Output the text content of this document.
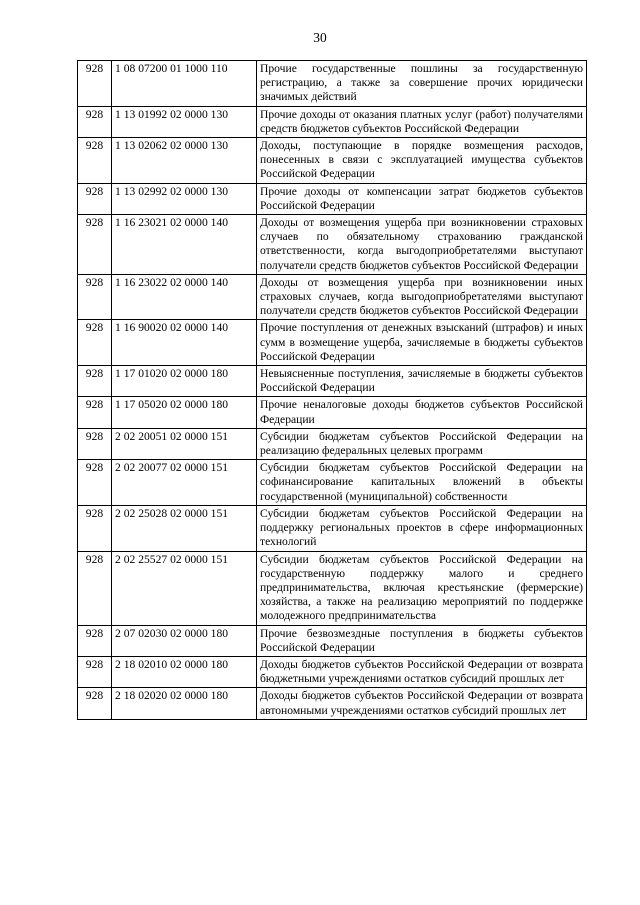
30
928	1 08 07200 01 1000 110	Прочие государственные пошлины за государственную регистрацию, а также за совершение прочих юридически значимых действий
928	1 13 01992 02 0000 130	Прочие доходы от оказания платных услуг (работ) получателями средств бюджетов субъектов Российской Федерации
928	1 13 02062 02 0000 130	Доходы, поступающие в порядке возмещения расходов, понесенных в связи с эксплуатацией имущества субъектов Российской Федерации
928	1 13 02992 02 0000 130	Прочие доходы от компенсации затрат бюджетов субъектов Российской Федерации
928	1 16 23021 02 0000 140	Доходы от возмещения ущерба при возникновении страховых случаев по обязательному страхованию гражданской ответственности, когда выгодоприобретателями выступают получатели средств бюджетов субъектов Российской Федерации
928	1 16 23022 02 0000 140	Доходы от возмещения ущерба при возникновении иных страховых случаев, когда выгодоприобретателями выступают получатели средств бюджетов субъектов Российской Федерации
928	1 16 90020 02 0000 140	Прочие поступления от денежных взысканий (штрафов) и иных сумм в возмещение ущерба, зачисляемые в бюджеты субъектов Российской Федерации
928	1 17 01020 02 0000 180	Невыясненные поступления, зачисляемые в бюджеты субъектов Российской Федерации
928	1 17 05020 02 0000 180	Прочие неналоговые доходы бюджетов субъектов Российской Федерации
928	2 02 20051 02 0000 151	Субсидии бюджетам субъектов Российской Федерации на реализацию федеральных целевых программ
928	2 02 20077 02 0000 151	Субсидии бюджетам субъектов Российской Федерации на софинансирование капитальных вложений в объекты государственной (муниципальной) собственности
928	2 02 25028 02 0000 151	Субсидии бюджетам субъектов Российской Федерации на поддержку региональных проектов в сфере информационных технологий
928	2 02 25527 02 0000 151	Субсидии бюджетам субъектов Российской Федерации на государственную поддержку малого и среднего предпринимательства, включая крестьянские (фермерские) хозяйства, а также на реализацию мероприятий по поддержке молодежного предпринимательства
928	2 07 02030 02 0000 180	Прочие безвозмездные поступления в бюджеты субъектов Российской Федерации
928	2 18 02010 02 0000 180	Доходы бюджетов субъектов Российской Федерации от возврата бюджетными учреждениями остатков субсидий прошлых лет
928	2 18 02020 02 0000 180	Доходы бюджетов субъектов Российской Федерации от возврата автономными учреждениями остатков субсидий прошлых лет
